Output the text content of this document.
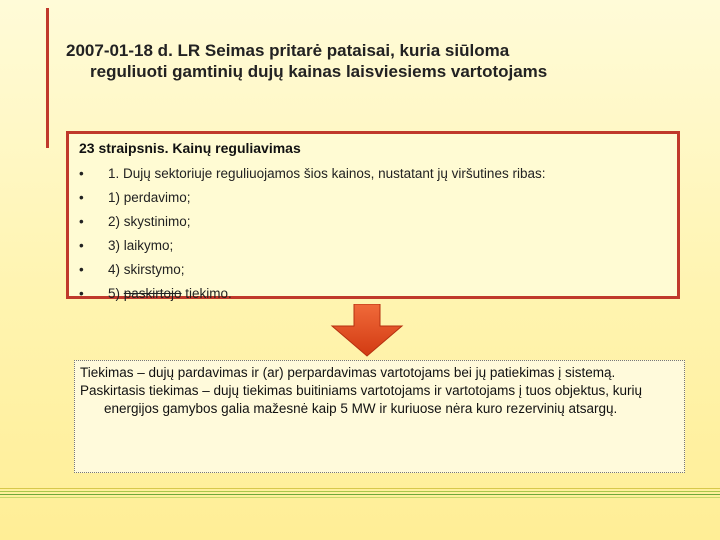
2007-01-18 d. LR Seimas pritarė pataisai, kuria siūloma
reguliuoti gamtinių dujų kainas laisviesiems vartotojams
23 straipsnis. Kainų reguliavimas
•	1. Dujų sektoriuje reguliuojamos šios kainos, nustatant jų viršutines ribas:
•	1) perdavimo;
•	2) skystinimo;
•	3) laikymo;
•	4) skirstymo;
•	5) paskirtojo tiekimo.

Tiekimas – dujų pardavimas ir (ar) perpardavimas vartotojams bei jų patiekimas į sistemą.

Paskirtasis tiekimas – dujų tiekimas buitiniams vartotojams ir vartotojams į tuos objektus, kurių energijos gamybos galia mažesnė kaip 5 MW ir kuriuose nėra kuro rezervinių atsargų.
